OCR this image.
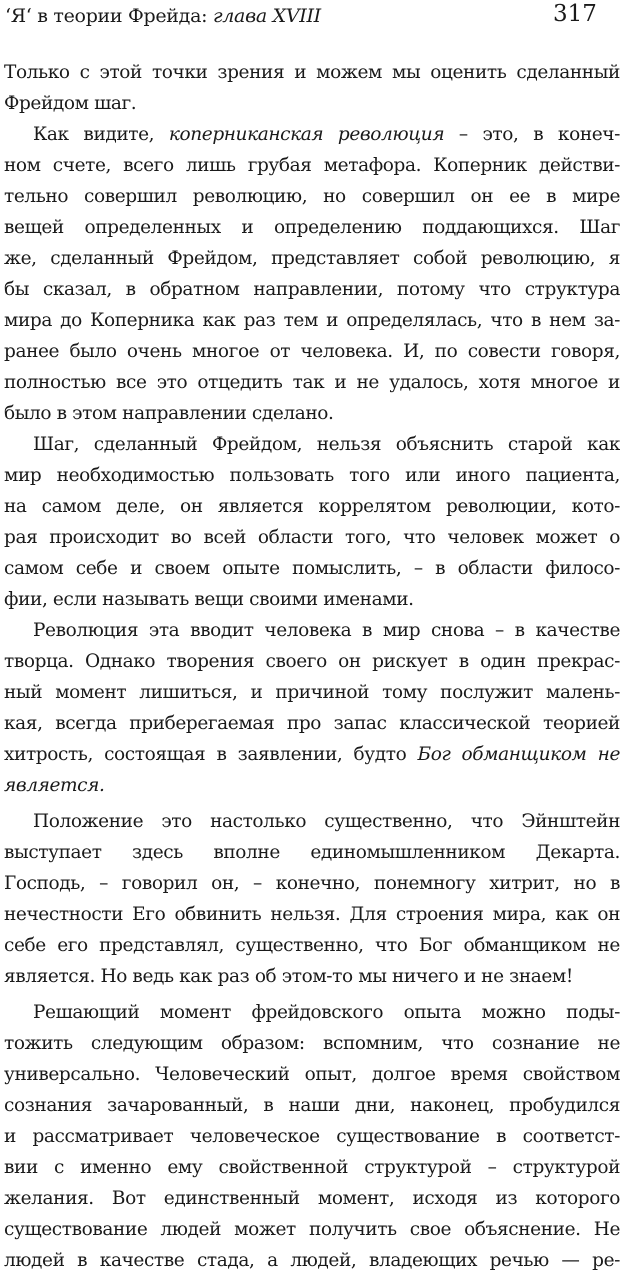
‘Я‘ в теории Фрейда: глава XVIII	317
Только с этой точки зрения и можем мы оценить сделанный
Фрейдом шаг.
Как видите, коперниканская революция – это, в конеч-
ном счете, всего лишь грубая метафора. Коперник действи-
тельно совершил революцию, но совершил он ее в мире
вещей определенных и определению поддающихся. Шаг
же, сделанный Фрейдом, представляет собой революцию, я
бы сказал, в обратном направлении, потому что структура
мира до Коперника как раз тем и определялась, что в нем за-
ранее было очень многое от человека. И, по совести говоря,
полностью все это отцедить так и не удалось, хотя многое и
было в этом направлении сделано.
Шаг, сделанный Фрейдом, нельзя объяснить старой как
мир необходимостью пользовать того или иного пациента,
на самом деле, он является коррелятом революции, кото-
рая происходит во всей области того, что человек может о
самом себе и своем опыте помыслить, – в области филосо-
фии, если называть вещи своими именами.
Революция эта вводит человека в мир снова – в качестве
творца. Однако творения своего он рискует в один прекрас-
ный момент лишиться, и причиной тому послужит малень-
кая, всегда приберегаемая про запас классической теорией
хитрость, состоящая в заявлении, будто Бог обманщиком не
является.
Положение это настолько существенно, что Эйнштейн
выступает здесь вполне единомышленником Декарта.
Господь, – говорил он, – конечно, понемногу хитрит, но в
нечестности Его обвинить нельзя. Для строения мира, как он
себе его представлял, существенно, что Бог обманщиком не
является. Но ведь как раз об этом-то мы ничего и не знаем!
Решающий момент фрейдовского опыта можно поды-
тожить следующим образом: вспомним, что сознание не
универсально. Человеческий опыт, долгое время свойством
сознания зачарованный, в наши дни, наконец, пробудился
и рассматривает человеческое существование в соответст-
вии с именно ему свойственной структурой – структурой
желания. Вот единственный момент, исходя из которого
существование людей может получить свое объяснение. Не
людей в качестве стада, а людей, владеющих речью — ре-
